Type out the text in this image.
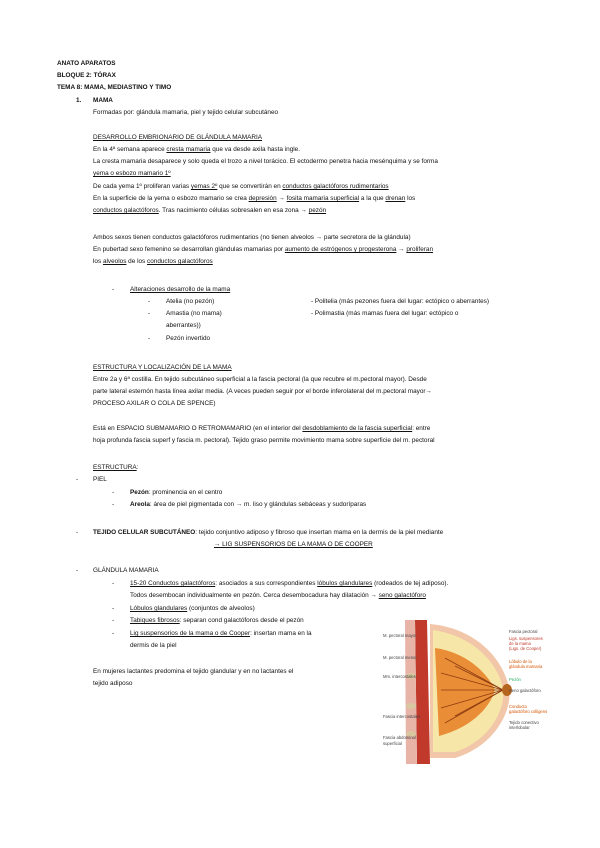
ANATO APARATOS
BLOQUE 2: TÓRAX
TEMA 8: MAMA, MEDIASTINO Y TIMO
1. MAMA
Formadas por: glándula mamaria, piel y tejido celular subcutáneo
DESARROLLO EMBRIONARIO DE GLÁNDULA MAMARIA
En la 4ª semana aparece cresta mamaria que va desde axila hasta ingle.
La cresta mamaria desaparece y solo queda el trozo a nivel torácico. El ectodermo penetra hacia mesénquima y se forma
yema o esbozo mamario 1º
De cada yema 1º proliferan varias yemas 2º que se convertirán en conductos galactóforos rudimentarios
En la superficie de la yema o esbozo mamario se crea depresión → fosita mamaria superficial a la que drenan los
conductos galactóforos. Tras nacimiento células sobresalen en esa zona → pezón
Ambos sexos tienen conductos galactóforos rudimentarios (no tienen alveolos → parte secretora de la glándula)
En pubertad sexo femenino se desarrollan glándulas mamarias por aumento de estrógenos y progesterona → proliferan
los alveolos de los conductos galactóforos
- Alteraciones desarrollo de la mama
- Atelia (no pezón)
- Amastia (no mama)
aberrantes))
- Pezón invertido
- Politelia (más pezones fuera del lugar: ectópico o aberrantes)
- Polimastia (más mamas fuera del lugar: ectópico o
ESTRUCTURA Y LOCALIZACIÓN DE LA MAMA
Entre 2a y 6ª costilla. En tejido subcutáneo superficial a la fascia pectoral (la que recubre el m.pectoral mayor). Desde
parte lateral esternón hasta línea axilar media. (A veces pueden seguir por el borde inferolateral del m.pectoral mayor→
PROCESO AXILAR O COLA DE SPENCE)
Está en ESPACIO SUBMAMARIO O RETROMAMARIO (en el interior del desdoblamiento de la fascia superficial: entre
hoja profunda fascia superf y fascia m. pectoral). Tejido graso permite movimiento mama sobre superficie del m. pectoral
ESTRUCTURA:
- PIEL
- Pezón: prominencia en el centro
- Areola: área de piel pigmentada con → m. liso y glándulas sebáceas y sudoríparas
- TEJIDO CELULAR SUBCUTÁNEO: tejido conjuntivo adiposo y fibroso que insertan mama en la dermis de la piel mediante
→ LIG SUSPENSORIOS DE LA MAMA O DE COOPER
- GLÁNDULA MAMARIA
- 15-20 Conductos galactóforos: asociados a sus correspondientes lóbulos glandulares (rodeados de tej adiposo).
Todos desembocan individualmente en pezón. Cerca desembocadura hay dilatación → seno galactóforo
- Lóbulos glandulares (conjuntos de alveolos)
- Tabiques fibrosos: separan cond galactóforos desde el pezón
- Lig suspensorios de la mama o de Cooper: insertan mama en la
dermis de la piel
En mujeres lactantes predomina el tejido glandular y en no lactantes el
tejido adiposo
M. pectoral mayor
M. pectoral menor
Mm. intercostales
Fascia intercostales
Fascia abdominal
superficial
Fascia pectoral
Ligs. suspensores
de la mama
(Ligs. de Cooper)
Lóbulo de la
glándula mamaria
Pezón
Seno galactóforo
Conducto
galactóforo colligens
Tejido conectivo
interlobular
